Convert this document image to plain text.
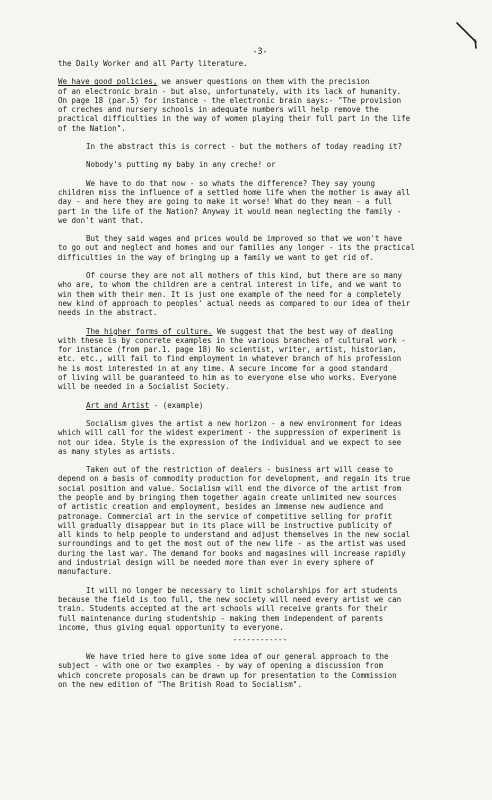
-3-

the Daily Worker and all Party literature.

We have good policies, we answer questions on them with the precision
of an electronic brain - but also, unfortunately, with its lack of humanity.
On page 18 (par.5) for instance - the electronic brain says:- "The provision
of creches and nursery schools in adequate numbers will help remove the
practical difficulties in the way of women playing their full part in the life
of the Nation".

In the abstract this is correct - but the mothers of today reading it?

Nobody's putting my baby in any creche! or

We have to do that now - so whats the difference? They say young
children miss the influence of a settled home life when the mother is away all
day - and here they are going to make it worse! What do they mean - a full
part in the life of the Nation? Anyway it would mean neglecting the family -
we don't want that.

But they said wages and prices would be improved so that we won't have
to go out and neglect and homes and our families any longer - its the practical
difficulties in the way of bringing up a family we want to get rid of.

Of course they are not all mothers of this kind, but there are so many
who are, to whom the children are a central interest in life, and we want to
win them with their men. It is just one example of the need for a completely
new kind of approach to peoples' actual needs as compared to our idea of their
needs in the abstract.

The higher forms of culture. We suggest that the best way of dealing
with these is by concrete examples in the various branches of cultural work -
for instance (from par.1. page 18) No scientist, writer, artist, historian,
etc. etc., will fail to find employment in whatever branch of his profession
he is most interested in at any time. A secure income for a good standard
of living will be guaranteed to him as to everyone else who works. Everyone
will be needed in a Socialist Society.

Art and Artist - (example)

Socialism gives the artist a new horizon - a new environment for ideas
which will call for the widest experiment - the suppression of experiment is
not our idea. Style is the expression of the individual and we expect to see
as many styles as artists.

Taken out of the restriction of dealers - business art will cease to
depend on a basis of commodity production for development, and regain its true
social position and value. Socialism will end the divorce of the artist from
the people and by bringing them together again create unlimited new sources
of artistic creation and employment, besides an immense new audience and
patronage. Commercial art in the service of competitive selling for profit
will gradually disappear but in its place will be instructive publicity of
all kinds to help people to understand and adjust themselves in the new social
surroundings and to get the most out of the new life - as the artist was used
during the last war. The demand for books and magasines will increase rapidly
and industrial design will be needed more than ever in every sphere of
manufacture.

It will no longer be necessary to limit scholarships for art students
because the field is too full, the new society will need every artist we can
train. Students accepted at the art schools will receive grants for their
full maintenance during studentship - making them independent of parents
income, thus giving equal opportunity to everyone.

------------

We have tried here to give some idea of our general approach to the
subject - with one or two examples - by way of opening a discussion from
which concrete proposals can be drawn up for presentation to the Commission
on the new edition of "The British Road to Socialism".
